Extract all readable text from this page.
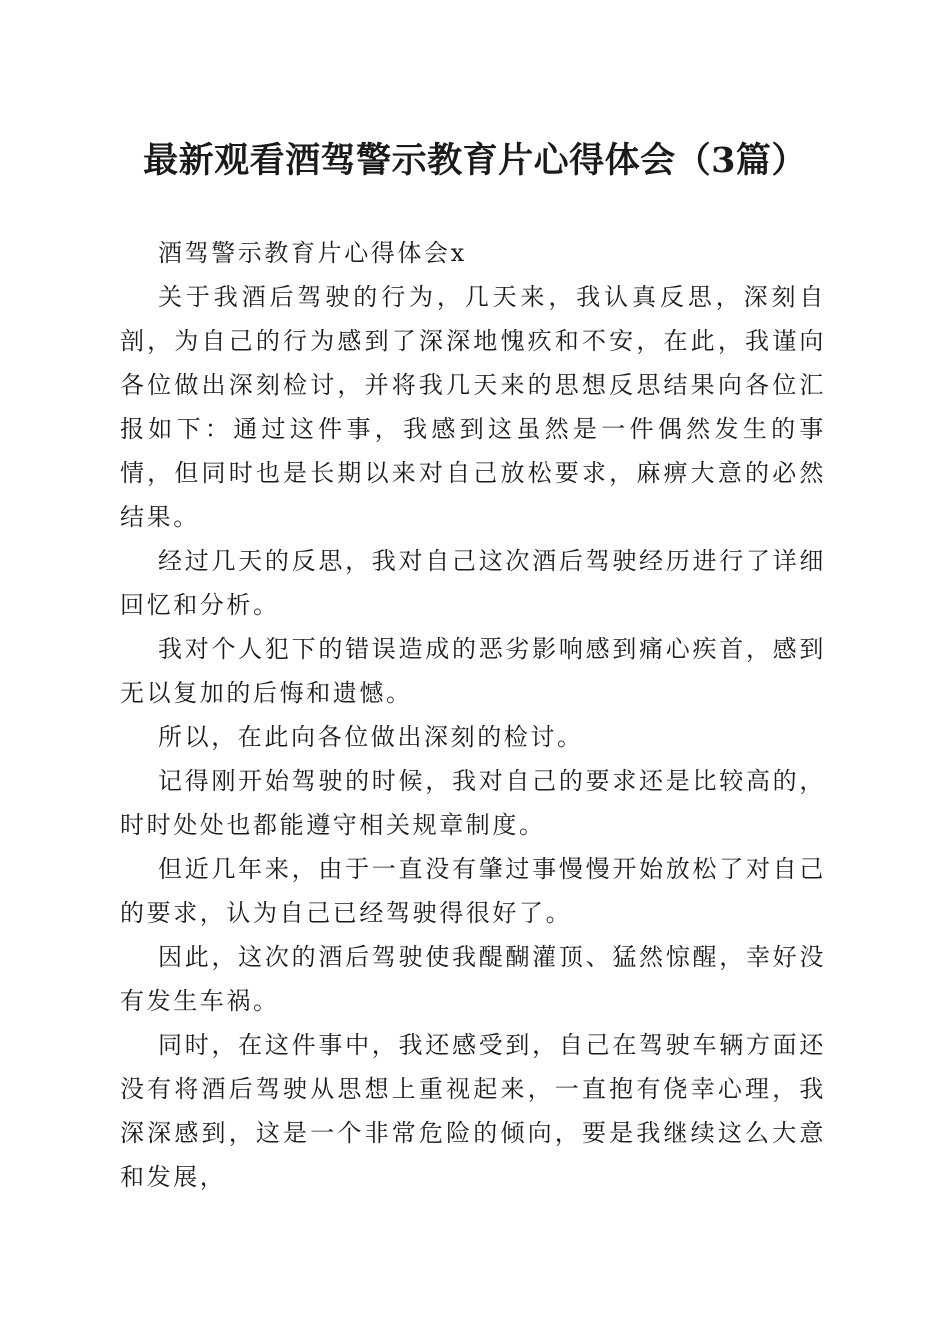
最新观看酒驾警示教育片心得体会（3篇）

酒驾警示教育片心得体会x

关于我酒后驾驶的行为，几天来，我认真反思，深刻自剖，为自己的行为感到了深深地愧疚和不安，在此，我谨向各位做出深刻检讨，并将我几天来的思想反思结果向各位汇报如下：通过这件事，我感到这虽然是一件偶然发生的事情，但同时也是长期以来对自己放松要求，麻痹大意的必然结果。

经过几天的反思，我对自己这次酒后驾驶经历进行了详细回忆和分析。

我对个人犯下的错误造成的恶劣影响感到痛心疾首，感到无以复加的后悔和遗憾。

所以，在此向各位做出深刻的检讨。

记得刚开始驾驶的时候，我对自己的要求还是比较高的，时时处处也都能遵守相关规章制度。

但近几年来，由于一直没有肇过事慢慢开始放松了对自己的要求，认为自己已经驾驶得很好了。

因此，这次的酒后驾驶使我醍醐灌顶、猛然惊醒，幸好没有发生车祸。

同时，在这件事中，我还感受到，自己在驾驶车辆方面还没有将酒后驾驶从思想上重视起来，一直抱有侥幸心理，我深深感到，这是一个非常危险的倾向，要是我继续这么大意和发展，
